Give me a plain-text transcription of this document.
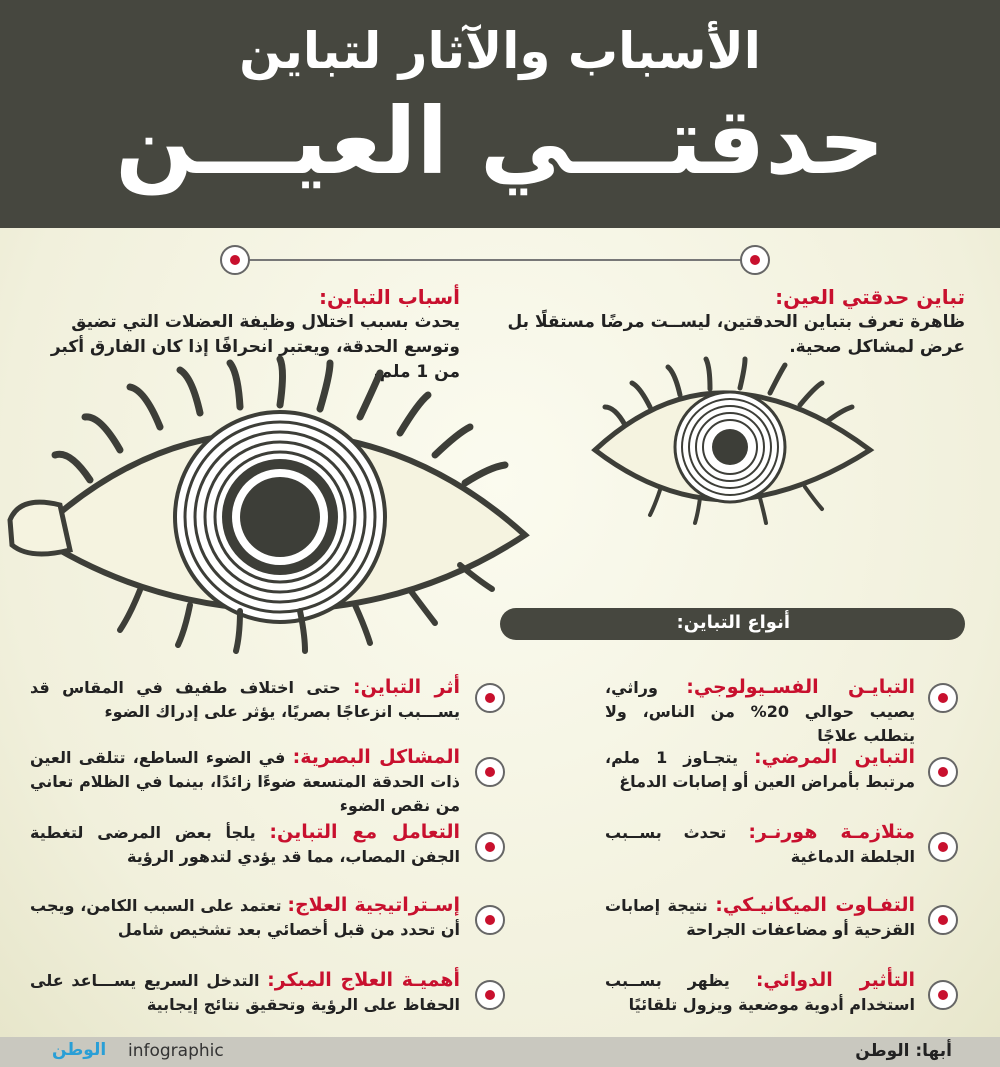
الأسباب والآثار لتباين
حدقتـــي العيـــن
تباين حدقتي العين:
ظاهرة تعرف بتباين الحدقتين، ليســت مرضًا مستقلًا بل عرض لمشاكل صحية.
أسباب التباين:
يحدث بسبب اختلال وظيفة العضلات التي تضيق وتوسع الحدقة، ويعتبر انحرافًا إذا كان الفارق أكبر من 1 ملم.
أنواع التباين:
التبايـن الفسـيولوجي: وراثي، يصيب حوالي 20% من الناس، ولا يتطلب علاجًا
التباين المرضي: يتجـاوز 1 ملم، مرتبط بأمراض العين أو إصابات الدماغ
متلازمـة هورنـر: تحدث بســبب الجلطة الدماغية
التفـاوت الميكانيـكي: نتيجة إصابات القزحية أو مضاعفات الجراحة
التأثير الدوائي: يظهر بســبب استخدام أدوية موضعية ويزول تلقائيًا
أثر التباين: حتى اختلاف طفيف في المقاس قد يســـبب انزعاجًا بصريًا، يؤثر على إدراك الضوء
المشاكل البصرية: في الضوء الساطع، تتلقى العين ذات الحدقة المتسعة ضوءًا زائدًا، بينما في الظلام تعاني من نقص الضوء
التعامل مع التباين: يلجأ بعض المرضى لتغطية الجفن المصاب، مما قد يؤدي لتدهور الرؤية
إسـتراتيجية العلاج: تعتمد على السبب الكامن، ويجب أن تحدد من قبل أخصائي بعد تشخيص شامل
أهميـة العلاج المبكر: التدخل السريع يســـاعد على الحفاظ على الرؤية وتحقيق نتائج إيجابية
الوطن infographic	أبها: الوطن
